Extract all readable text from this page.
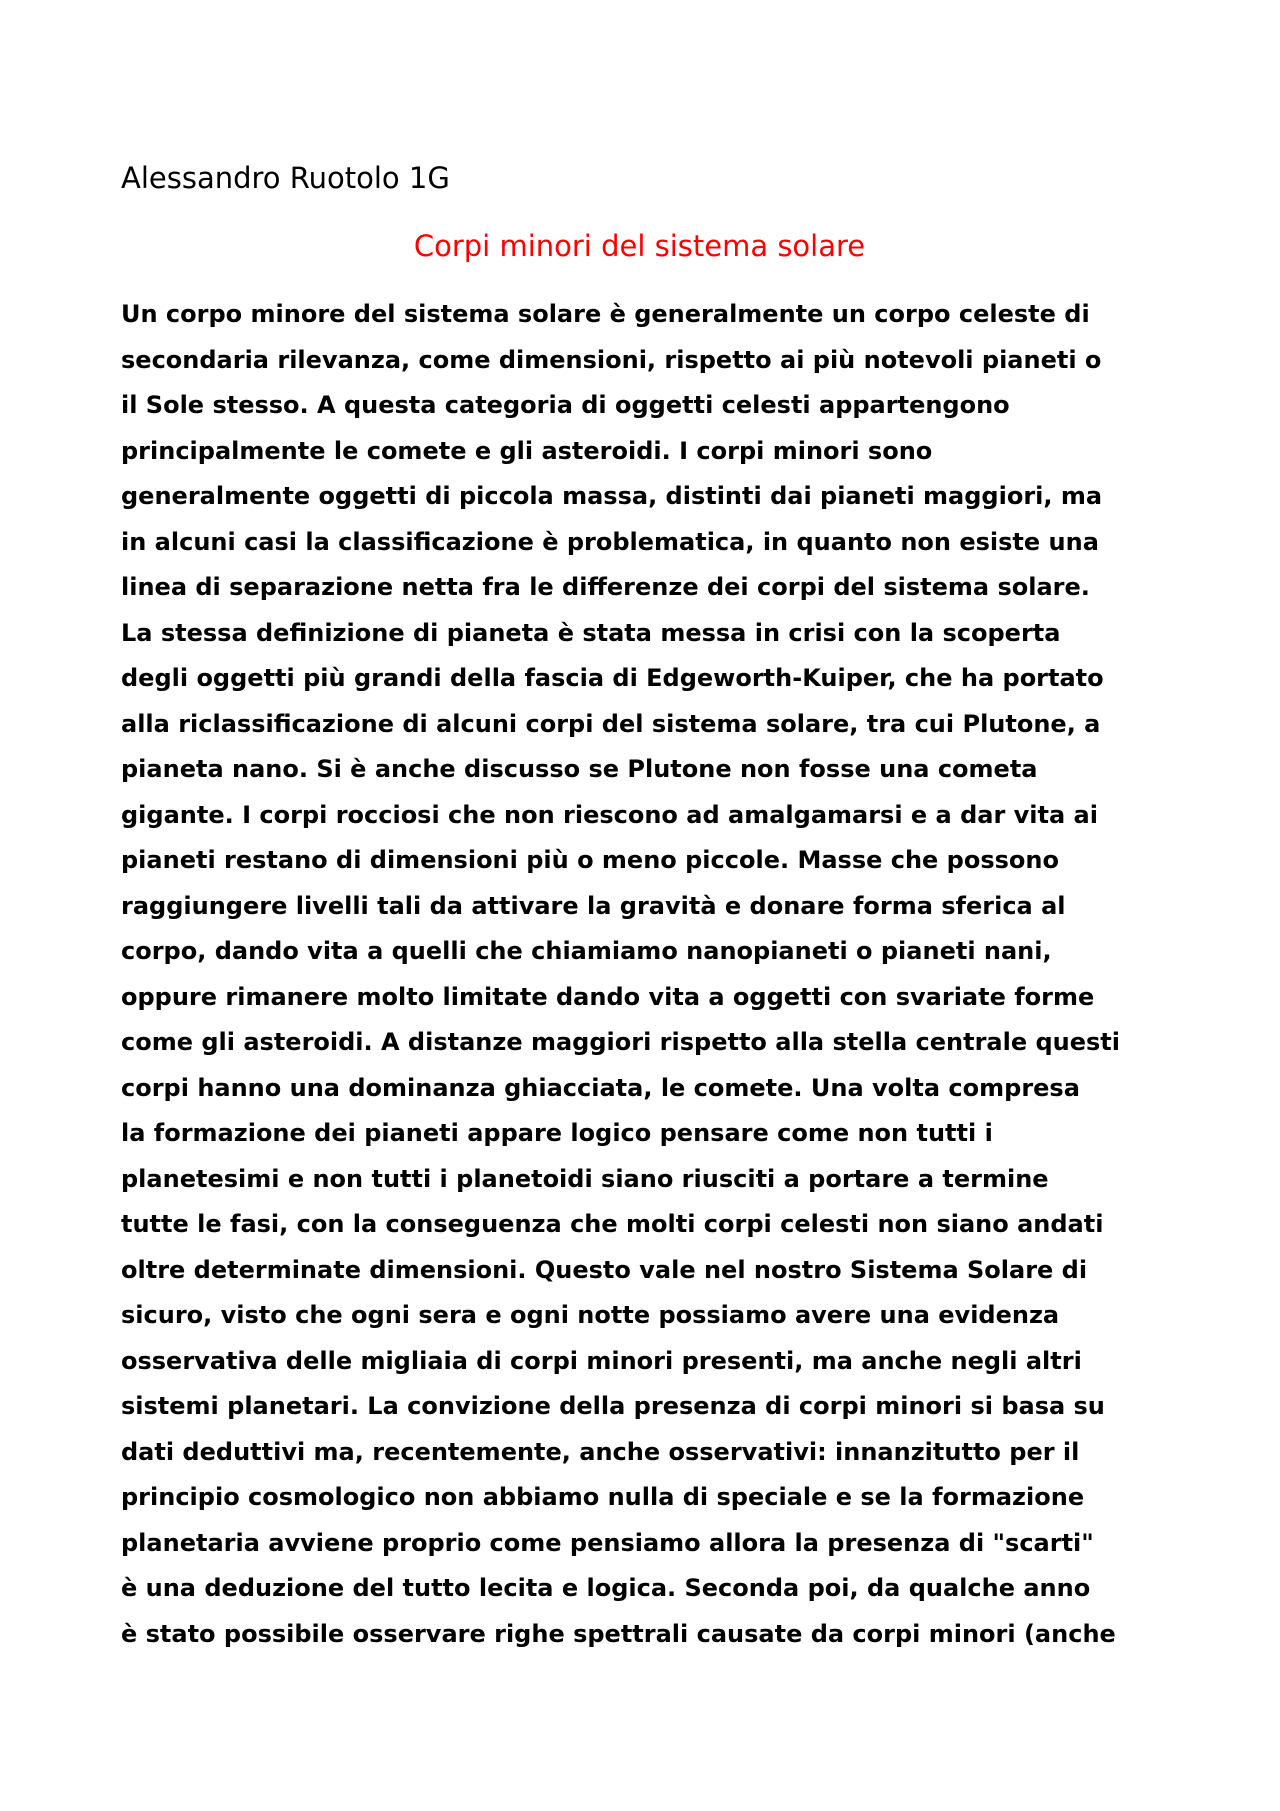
Alessandro Ruotolo 1G

Corpi minori del sistema solare

Un corpo minore del sistema solare è generalmente un corpo celeste di
secondaria rilevanza, come dimensioni, rispetto ai più notevoli pianeti o
il Sole stesso. A questa categoria di oggetti celesti appartengono
principalmente le comete e gli asteroidi. I corpi minori sono
generalmente oggetti di piccola massa, distinti dai pianeti maggiori, ma
in alcuni casi la classificazione è problematica, in quanto non esiste una
linea di separazione netta fra le differenze dei corpi del sistema solare.
La stessa definizione di pianeta è stata messa in crisi con la scoperta
degli oggetti più grandi della fascia di Edgeworth-Kuiper, che ha portato
alla riclassificazione di alcuni corpi del sistema solare, tra cui Plutone, a
pianeta nano. Si è anche discusso se Plutone non fosse una cometa
gigante. I corpi rocciosi che non riescono ad amalgamarsi e a dar vita ai
pianeti restano di dimensioni più o meno piccole. Masse che possono
raggiungere livelli tali da attivare la gravità e donare forma sferica al
corpo, dando vita a quelli che chiamiamo nanopianeti o pianeti nani,
oppure rimanere molto limitate dando vita a oggetti con svariate forme
come gli asteroidi. A distanze maggiori rispetto alla stella centrale questi
corpi hanno una dominanza ghiacciata, le comete. Una volta compresa
la formazione dei pianeti appare logico pensare come non tutti i
planetesimi e non tutti i planetoidi siano riusciti a portare a termine
tutte le fasi, con la conseguenza che molti corpi celesti non siano andati
oltre determinate dimensioni. Questo vale nel nostro Sistema Solare di
sicuro, visto che ogni sera e ogni notte possiamo avere una evidenza
osservativa delle migliaia di corpi minori presenti, ma anche negli altri
sistemi planetari. La convizione della presenza di corpi minori si basa su
dati deduttivi ma, recentemente, anche osservativi: innanzitutto per il
principio cosmologico non abbiamo nulla di speciale e se la formazione
planetaria avviene proprio come pensiamo allora la presenza di "scarti"
è una deduzione del tutto lecita e logica. Seconda poi, da qualche anno
è stato possibile osservare righe spettrali causate da corpi minori (anche
